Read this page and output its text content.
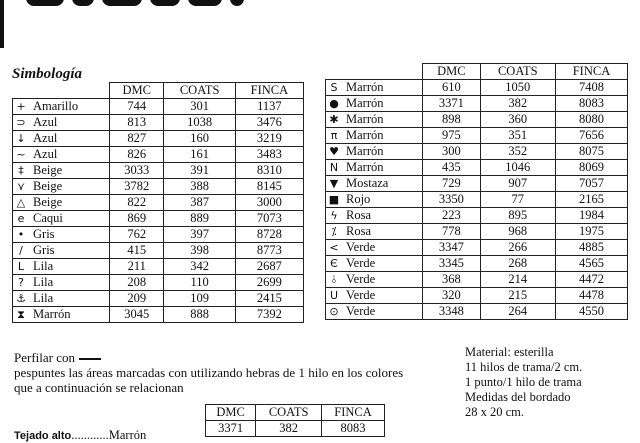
Simbología
		DMC	COATS	FINCA
+	Amarillo	744	301	1137
⊃	Azul	813	1038	3476
↓	Azul	827	160	3219
~	Azul	826	161	3483
‡	Beige	3033	391	8310
⋎	Beige	3782	388	8145
△	Beige	822	387	3000
e	Caqui	869	889	7073
•	Gris	762	397	8728
/	Gris	415	398	8773
L	Lila	211	342	2687
?	Lila	208	110	2699
⚓	Lila	209	109	2415
⧗	Marrón	3045	888	7392
		DMC	COATS	FINCA
S	Marrón	610	1050	7408
●	Marrón	3371	382	8083
✱	Marrón	898	360	8080
π	Marrón	975	351	7656
♥	Marrón	300	352	8075
N	Marrón	435	1046	8069
▼	Mostaza	729	907	7057
■	Rojo	3350	77	2165
ϟ	Rosa	223	895	1984
⁒	Rosa	778	968	1975
<	Verde	3347	266	4885
Є	Verde	3345	268	4565
⫰	Verde	368	214	4472
U	Verde	320	215	4478
⊙	Verde	3348	264	4550
Perfilar con
pespuntes las áreas marcadas con utilizando hebras de 1 hilo en los colores que a continuación se relacionan
Material: esterilla
11 hilos de trama/2 cm.
1 punto/1 hilo de trama
Medidas del bordado
28 x 20 cm.
DMC	COATS	FINCA
3371	382	8083
Tejado alto............Marrón
